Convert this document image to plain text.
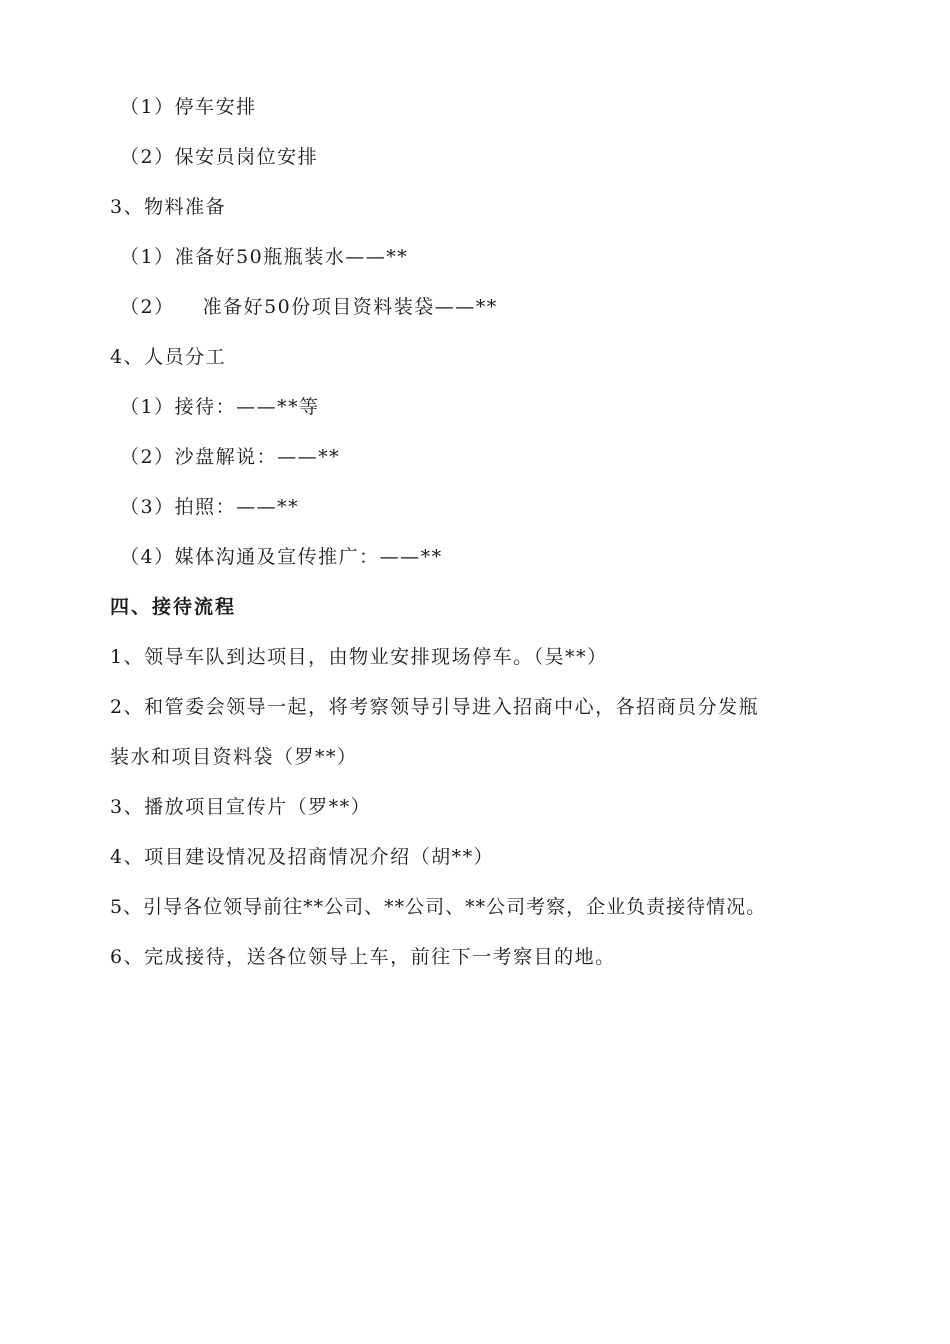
（1）停车安排
（2）保安员岗位安排
3、物料准备
（1）准备好50瓶瓶装水——**
（2） 准备好50份项目资料装袋——**
4、人员分工
（1）接待：——**等
（2）沙盘解说：——**
（3）拍照：——**
（4）媒体沟通及宣传推广：——**
四、接待流程
1、领导车队到达项目，由物业安排现场停车。（吴**）
2、和管委会领导一起，将考察领导引导进入招商中心，各招商员分发瓶
装水和项目资料袋（罗**）
3、播放项目宣传片（罗**）
4、项目建设情况及招商情况介绍（胡**）
5、引导各位领导前往**公司、**公司、**公司考察，企业负责接待情况。
6、完成接待，送各位领导上车，前往下一考察目的地。
